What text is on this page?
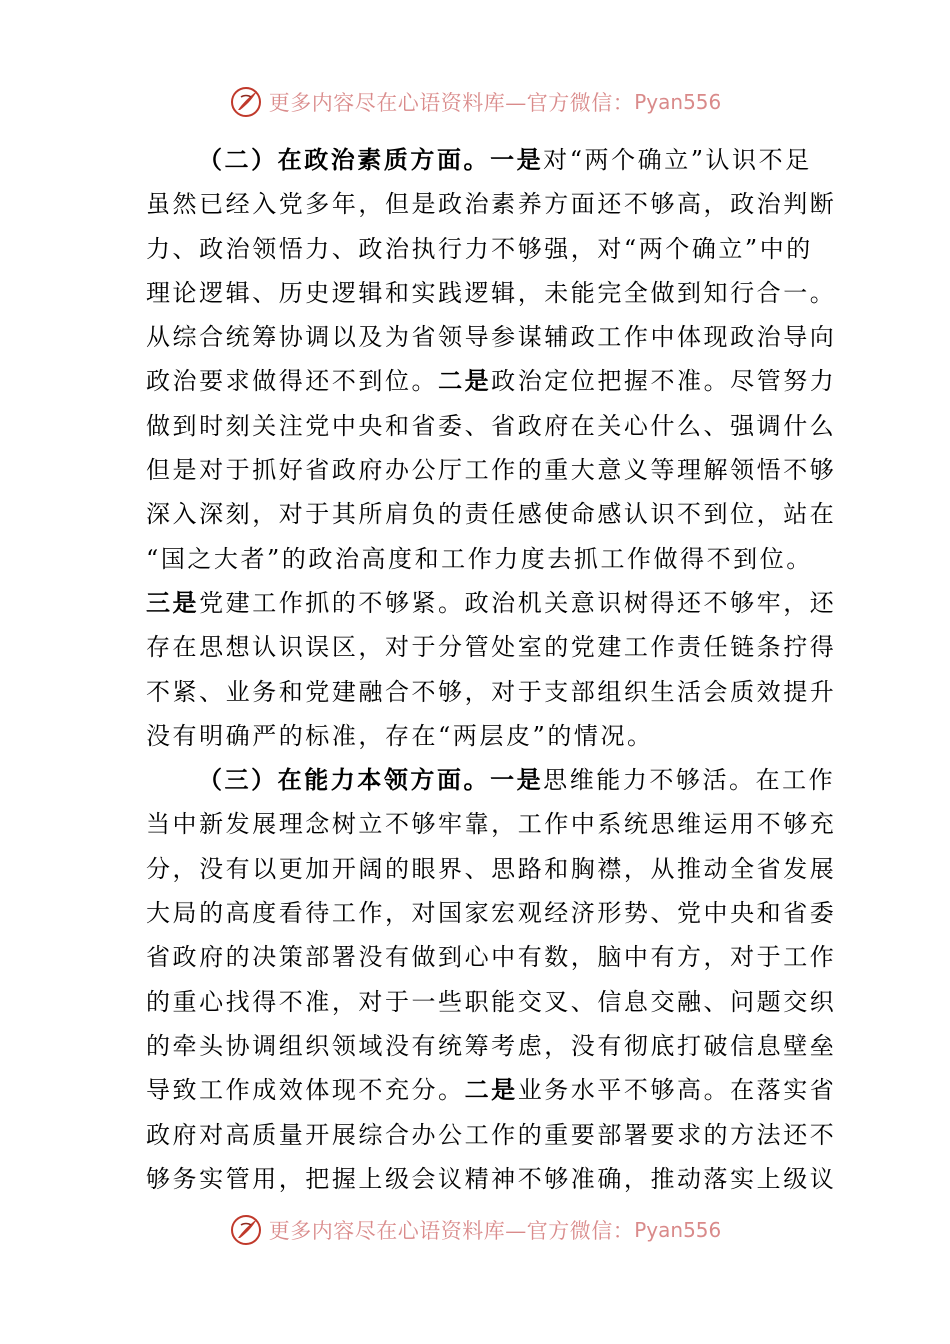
更多内容尽在心语资料库—官方微信： Pyan556
（二）在政治素质方面。一是对“两个确立”认识不足
虽然已经入党多年，但是政治素养方面还不够高，政治判断
力、政治领悟力、政治执行力不够强，对“两个确立”中的
理论逻辑、历史逻辑和实践逻辑，未能完全做到知行合一。
从综合统筹协调以及为省领导参谋辅政工作中体现政治导向
政治要求做得还不到位。二是政治定位把握不准。尽管努力
做到时刻关注党中央和省委、省政府在关心什么、强调什么
但是对于抓好省政府办公厅工作的重大意义等理解领悟不够
深入深刻，对于其所肩负的责任感使命感认识不到位，站在
“国之大者”的政治高度和工作力度去抓工作做得不到位。
三是党建工作抓的不够紧。政治机关意识树得还不够牢，还
存在思想认识误区，对于分管处室的党建工作责任链条拧得
不紧、业务和党建融合不够，对于支部组织生活会质效提升
没有明确严的标准，存在“两层皮”的情况。
（三）在能力本领方面。一是思维能力不够活。在工作
当中新发展理念树立不够牢靠，工作中系统思维运用不够充
分，没有以更加开阔的眼界、思路和胸襟，从推动全省发展
大局的高度看待工作，对国家宏观经济形势、党中央和省委
省政府的决策部署没有做到心中有数，脑中有方，对于工作
的重心找得不准，对于一些职能交叉、信息交融、问题交织
的牵头协调组织领域没有统筹考虑，没有彻底打破信息壁垒
导致工作成效体现不充分。二是业务水平不够高。在落实省
政府对高质量开展综合办公工作的重要部署要求的方法还不
够务实管用，把握上级会议精神不够准确，推动落实上级议
更多内容尽在心语资料库—官方微信： Pyan556
